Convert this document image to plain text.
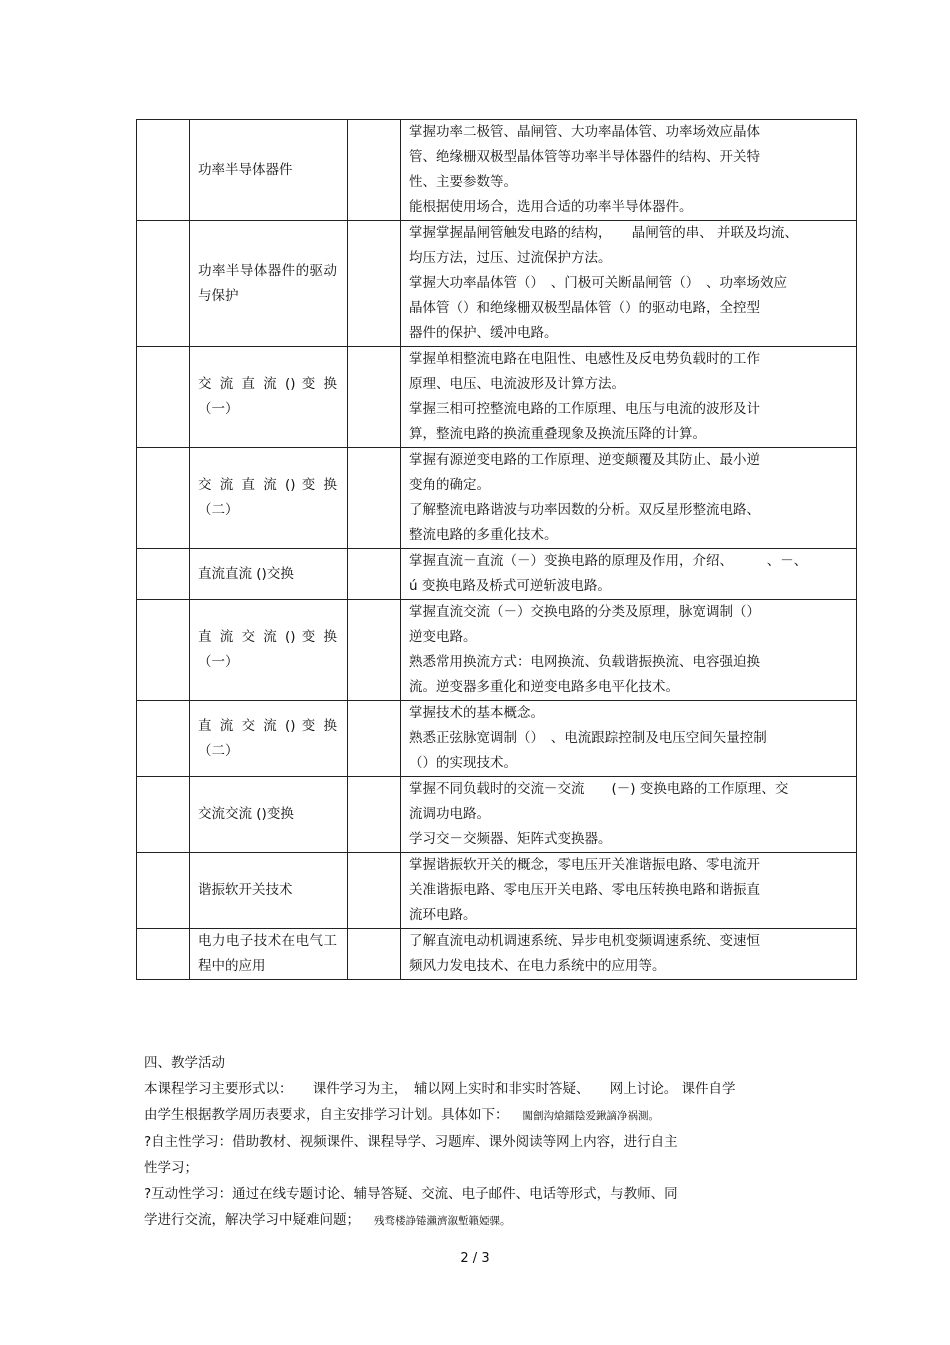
	功率半导体器件		掌握功率二极管、晶闸管、大功率晶体管、功率场效应晶体
管、绝缘栅双极型晶体管等功率半导体器件的结构、开关特
性、主要参数等。
能根据使用场合，选用合适的功率半导体器件。

	功率半导体器件的驱动与保护		掌握掌握晶闸管触发电路的结构，　　晶闸管的串、 并联及均流、
均压方法，过压、过流保护方法。
掌握大功率晶体管（）　、门极可关断晶闸管（）　、功率场效应
晶体管（）和绝缘栅双极型晶体管（）的驱动电路，全控型
器件的保护、缓冲电路。

	交 流 直 流 () 变 换（一）		掌握单相整流电路在电阻性、电感性及反电势负载时的工作
原理、电压、电流波形及计算方法。
掌握三相可控整流电路的工作原理、电压与电流的波形及计
算，整流电路的换流重叠现象及换流压降的计算。

	交 流 直 流 () 变 换（二）		掌握有源逆变电路的工作原理、逆变颠覆及其防止、最小逆
变角的确定。
了解整流电路谐波与功率因数的分析。双反星形整流电路、
整流电路的多重化技术。

	直流直流 ()交换		掌握直流－直流（－）变换电路的原理及作用，介绍、　　　、－、
ú 变换电路及桥式可逆斩波电路。

	直 流 交 流 () 变 换（一）		掌握直流交流（－）交换电路的分类及原理，脉宽调制（）
逆变电路。
熟悉常用换流方式：电网换流、负载谐振换流、电容强迫换
流。逆变器多重化和逆变电路多电平化技术。

	直 流 交 流 () 变 换（二）		掌握技术的基本概念。
熟悉正弦脉宽调制（）　、电流跟踪控制及电压空间矢量控制
（）的实现技术。

	交流交流 ()变换		掌握不同负载时的交流－交流　　(－) 变换电路的工作原理、交
流调功电路。
学习交－交频器、矩阵式变换器。

	谐振软开关技术		掌握谐振软开关的概念，零电压开关准谐振电路、零电流开
关准谐振电路、零电压开关电路、零电压转换电路和谐振直
流环电路。

	电力电子技术在电气工程中的应用		了解直流电动机调速系统、异步电机变频调速系统、变速恒
频风力发电技术、在电力系统中的应用等。
四、教学活动
本课程学习主要形式以：　　课件学习为主，　辅以网上实时和非实时答疑、　　网上讨论。 课件自学
由学生根据教学周历表要求，自主安排学习计划。具体如下： 闖劊沟熗鐳陰爱鍬謫净祸測。
?自主性学习：借助教材、视频课件、课程导学、习题库、课外阅读等网上内容，进行自主
性学习；
?互动性学习：通过在线专题讨论、辅导答疑、交流、电子邮件、电话等形式，与教师、同
学进行交流，解决学习中疑难问题； 残骛楼諍锩瀨濟溆塹籟婭骒。
2 / 3
